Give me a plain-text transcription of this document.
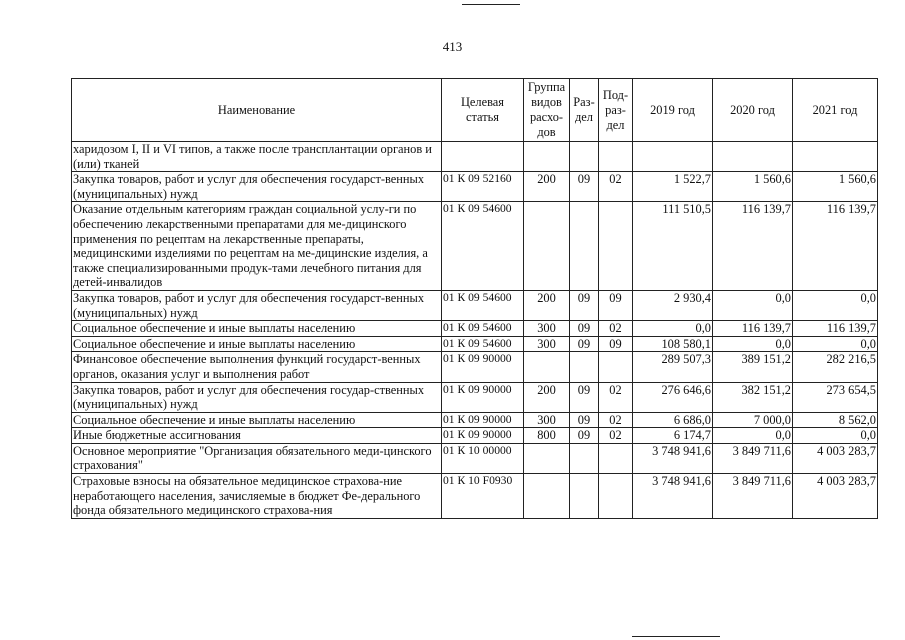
413
Наименование	Целевая статья	Группа видов расхо-дов	Раз-дел	Под-раз-дел	2019 год	2020 год	2021 год
харидозом I, II и VI типов, а также после трансплантации органов и (или) тканей							
Закупка товаров, работ и услуг для обеспечения государст-венных (муниципальных) нужд	01 К 09 52160	200	09	02	1 522,7	1 560,6	1 560,6
Оказание отдельным категориям граждан социальной услу-ги по обеспечению лекарственными препаратами для ме-дицинского применения по рецептам на лекарственные препараты, медицинскими изделиями по рецептам на ме-дицинские изделия, а также специализированными продук-тами лечебного питания для детей-инвалидов	01 К 09 54600				111 510,5	116 139,7	116 139,7
Закупка товаров, работ и услуг для обеспечения государст-венных (муниципальных) нужд	01 К 09 54600	200	09	09	2 930,4	0,0	0,0
Социальное обеспечение и иные выплаты населению	01 К 09 54600	300	09	02	0,0	116 139,7	116 139,7
Социальное обеспечение и иные выплаты населению	01 К 09 54600	300	09	09	108 580,1	0,0	0,0
Финансовое обеспечение выполнения функций государст-венных органов, оказания услуг и выполнения работ	01 К 09 90000				289 507,3	389 151,2	282 216,5
Закупка товаров, работ и услуг для обеспечения государ-ственных (муниципальных) нужд	01 К 09 90000	200	09	02	276 646,6	382 151,2	273 654,5
Социальное обеспечение и иные выплаты населению	01 К 09 90000	300	09	02	6 686,0	7 000,0	8 562,0
Иные бюджетные ассигнования	01 К 09 90000	800	09	02	6 174,7	0,0	0,0
Основное мероприятие "Организация обязательного меди-цинского страхования"	01 К 10 00000				3 748 941,6	3 849 711,6	4 003 283,7
Страховые взносы на обязательное медицинское страхова-ние неработающего населения, зачисляемые в бюджет Фе-дерального фонда обязательного медицинского страхова-ния	01 К 10 F0930				3 748 941,6	3 849 711,6	4 003 283,7
